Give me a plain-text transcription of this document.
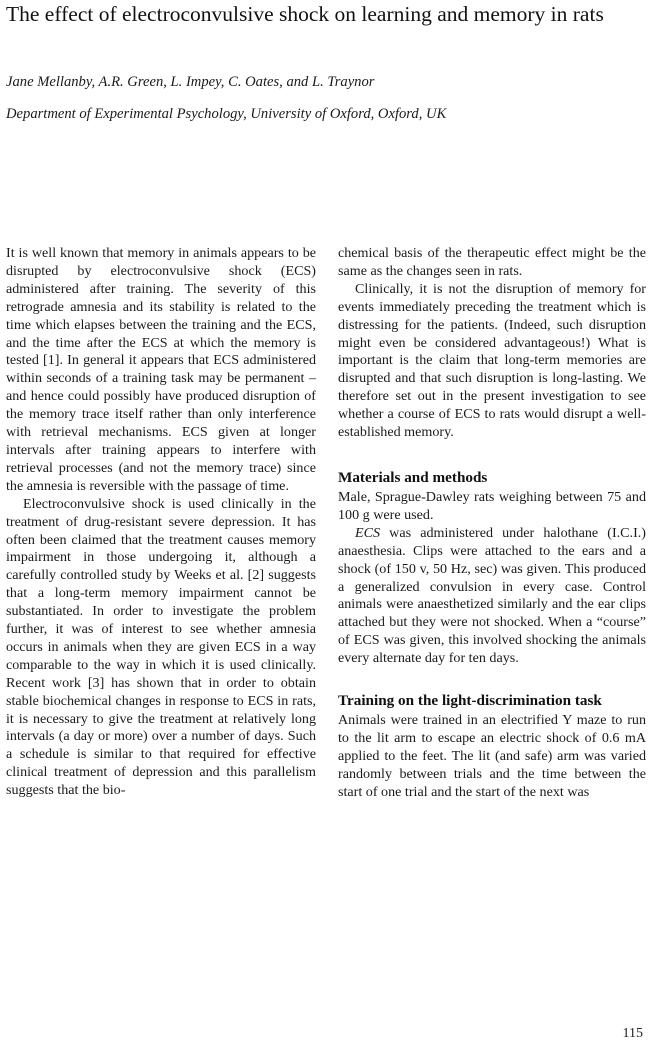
The effect of electroconvulsive shock on learning and memory in rats

Jane Mellanby, A.R. Green, L. Impey, C. Oates, and L. Traynor

Department of Experimental Psychology, University of Oxford, Oxford, UK

It is well known that memory in animals appears to be disrupted by electroconvulsive shock (ECS) administered after training. The severity of this retrograde amnesia and its stability is related to the time which elapses between the training and the ECS, and the time after the ECS at which the memory is tested [1]. In general it appears that ECS administered within seconds of a training task may be permanent – and hence could possibly have produced disruption of the memory trace itself rather than only interference with retrieval mechanisms. ECS given at longer intervals after training appears to interfere with retrieval processes (and not the memory trace) since the amnesia is reversible with the passage of time.

Electroconvulsive shock is used clinically in the treatment of drug-resistant severe depression. It has often been claimed that the treatment causes memory impairment in those undergoing it, although a carefully controlled study by Weeks et al. [2] suggests that a long-term memory impairment cannot be substantiated. In order to investigate the problem further, it was of interest to see whether amnesia occurs in animals when they are given ECS in a way comparable to the way in which it is used clinically. Recent work [3] has shown that in order to obtain stable biochemical changes in response to ECS in rats, it is necessary to give the treatment at relatively long intervals (a day or more) over a number of days. Such a schedule is similar to that required for effective clinical treatment of depression and this parallelism suggests that the bio-

chemical basis of the therapeutic effect might be the same as the changes seen in rats.

Clinically, it is not the disruption of memory for events immediately preceding the treatment which is distressing for the patients. (Indeed, such disruption might even be considered advantageous!) What is important is the claim that long-term memories are disrupted and that such disruption is long-lasting. We therefore set out in the present investigation to see whether a course of ECS to rats would disrupt a well-established memory.

Materials and methods

Male, Sprague-Dawley rats weighing between 75 and 100 g were used.

ECS was administered under halothane (I.C.I.) anaesthesia. Clips were attached to the ears and a shock (of 150 v, 50 Hz, sec) was given. This produced a generalized convulsion in every case. Control animals were anaesthetized similarly and the ear clips attached but they were not shocked. When a “course” of ECS was given, this involved shocking the animals every alternate day for ten days.

Training on the light-discrimination task

Animals were trained in an electrified Y maze to run to the lit arm to escape an electric shock of 0.6 mA applied to the feet. The lit (and safe) arm was varied randomly between trials and the time between the start of one trial and the start of the next was

115
